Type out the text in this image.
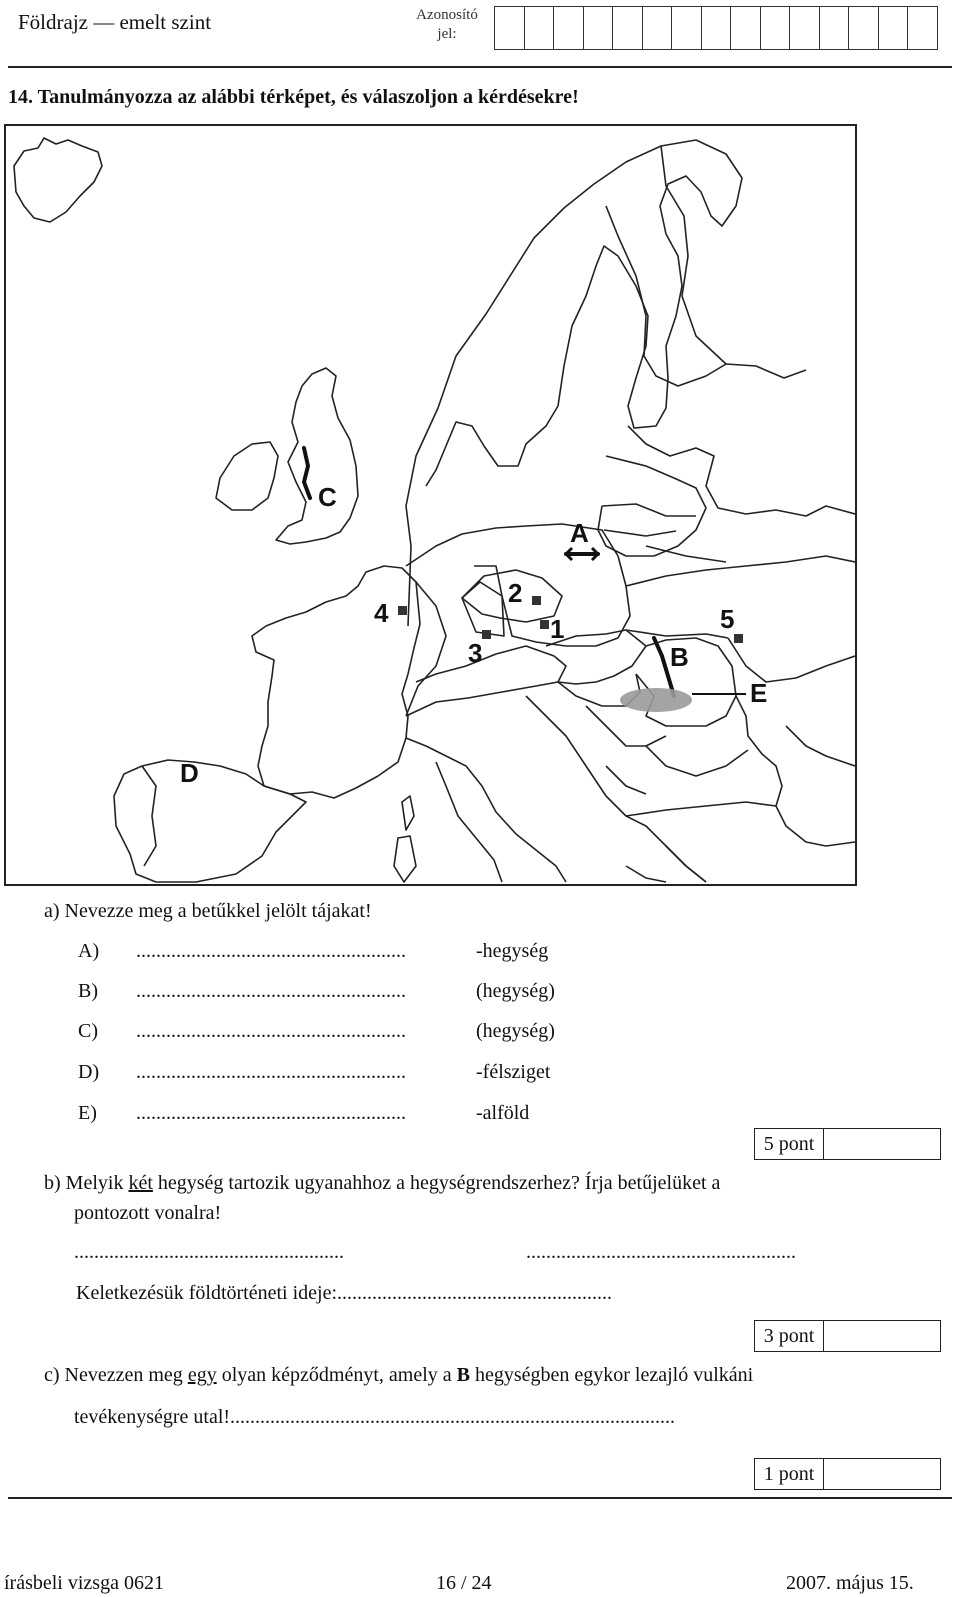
Földrajz — emelt szint	Azonosító
jel:
14. Tanulmányozza az alábbi térképet, és válaszoljon a kérdésekre!
A
B
C
D
E
1
2
3
4	5
a) Nevezze meg a betűkkel jelölt tájakat!
A) ......................................................	-hegység
B) ......................................................	(hegység)
C) ......................................................	(hegység)
D) ......................................................	-félsziget
E) ......................................................	-alföld
5 pont
b) Melyik két hegység tartozik ugyanahhoz a hegységrendszerhez? Írja betűjelüket a
pontozott vonalra!
......................................................	......................................................
Keletkezésük földtörténeti ideje:.......................................................
3 pont
c) Nevezzen meg egy olyan képződményt, amely a B hegységben egykor lezajló vulkáni
tevékenységre utal!.........................................................................................
1 pont
írásbeli vizsga 0621	16 / 24	2007. május 15.
